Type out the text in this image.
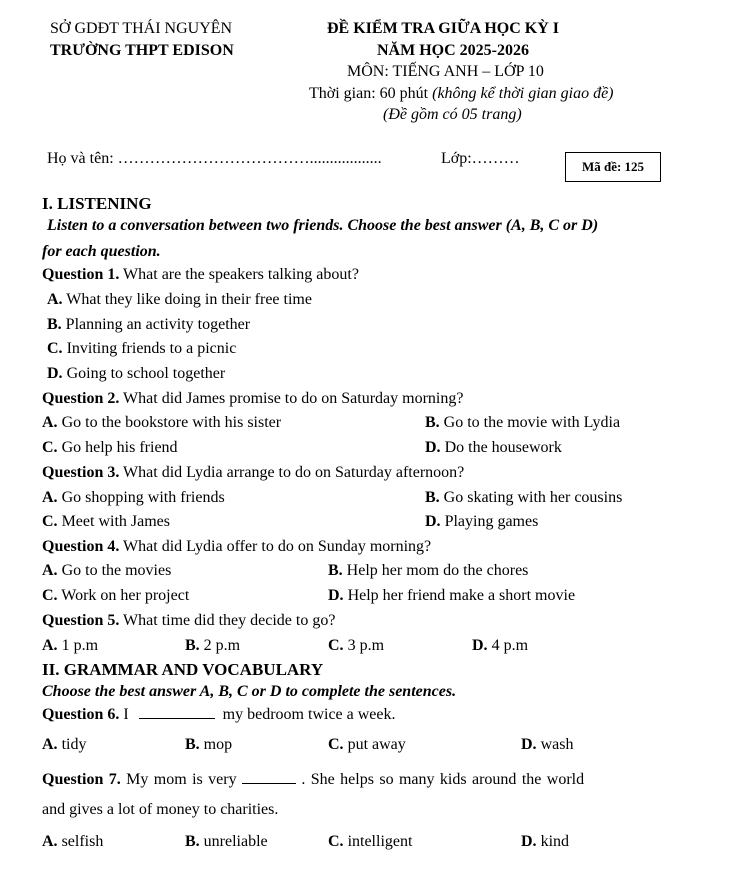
SỞ GDĐT THÁI NGUYÊN
TRƯỜNG THPT EDISON
ĐỀ KIỂM TRA GIỮA HỌC KỲ I
NĂM HỌC 2025-2026
MÔN: TIẾNG ANH – LỚP 10
Thời gian: 60 phút (không kể thời gian giao đề)
(Đề gồm có 05 trang)
Họ và tên: ………………………………..................	Lớp:………	Mã đề: 125
I. LISTENING
Listen to a conversation between two friends. Choose the best answer (A, B, C or D)
for each question.
Question 1. What are the speakers talking about?
A. What they like doing in their free time
B. Planning an activity together
C. Inviting friends to a picnic
D. Going to school together
Question 2. What did James promise to do on Saturday morning?
A. Go to the bookstore with his sister	B. Go to the movie with Lydia
C. Go help his friend	D. Do the housework
Question 3. What did Lydia arrange to do on Saturday afternoon?
A. Go shopping with friends	B. Go skating with her cousins
C. Meet with James	D. Playing games
Question 4. What did Lydia offer to do on Sunday morning?
A. Go to the movies	B. Help her mom do the chores
C. Work on her project	D. Help her friend make a short movie
Question 5. What time did they decide to go?
A. 1 p.m	B. 2 p.m	C. 3 p.m	D. 4 p.m
II. GRAMMAR AND VOCABULARY
Choose the best answer A, B, C or D to complete the sentences.
Question 6. I	my bedroom twice a week.
A. tidy	B. mop	C. put away	D. wash
Question 7. My mom is very	. She helps so many kids around the world
and gives a lot of money to charities.
A. selfish	B. unreliable	C. intelligent	D. kind
